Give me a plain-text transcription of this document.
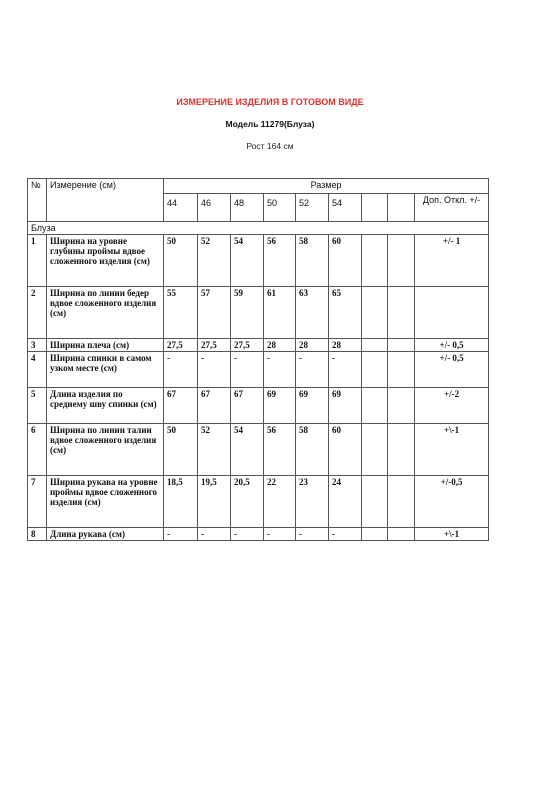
ИЗМЕРЕНИЕ ИЗДЕЛИЯ В ГОТОВОМ ВИДЕ
Модель 11279(Блуза)
Рост 164 см
№	Измерение (см)	Размер								
		44	46	48	50	52	54			Доп. Откл. +/-
Блуза										
1	Ширина на уровне глубины проймы вдвое сложенного изделия (см)	50	52	54	56	58	60			+/- 1
2	Ширина по линии бедер вдвое сложенного изделия (см)	55	57	59	61	63	65			
3	Ширина плеча (см)	27,5	27,5	27,5	28	28	28			+/- 0,5
4	Ширина спинки в самом узком месте (см)	-	-	-	-	-	-			+/- 0,5
5	Длина изделия по среднему шву спинки (см)	67	67	67	69	69	69			+/-2
6	Ширина по линии талии вдвое сложенного изделия (см)	50	52	54	56	58	60			+\-1
7	Ширина рукава на уровне проймы вдвое сложенного изделия (см)	18,5	19,5	20,5	22	23	24			+/-0,5
8	Длина рукава (см)	-	-	-	-	-	-			+\-1
